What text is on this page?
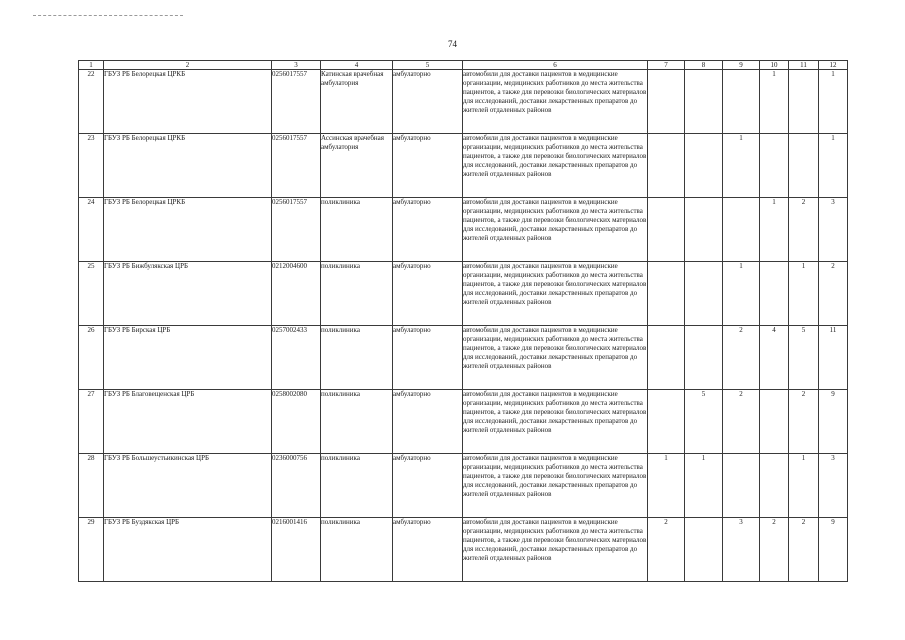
74
1	2	3	4	5	6	7	8	9	10	11	12
22	ГБУЗ РБ Белорецкая ЦРКБ	0256017557	Катинская врачебная амбулатория	амбулаторно	автомобили для доставки пациентов в медицинские организации, медицинских работников до места жительства пациентов, а также для перевозки биологических материалов для исследований, доставки лекарственных препаратов до жителей отдаленных районов				1		1
23	ГБУЗ РБ Белорецкая ЦРКБ	0256017557	Ассинская врачебная амбулатория	амбулаторно	автомобили для доставки пациентов в медицинские организации, медицинских работников до места жительства пациентов, а также для перевозки биологических материалов для исследований, доставки лекарственных препаратов до жителей отдаленных районов			1			1
24	ГБУЗ РБ Белорецкая ЦРКБ	0256017557	поликлиника	амбулаторно	автомобили для доставки пациентов в медицинские организации, медицинских работников до места жительства пациентов, а также для перевозки биологических материалов для исследований, доставки лекарственных препаратов до жителей отдаленных районов				1	2	3
25	ГБУЗ РБ Бижбулякская ЦРБ	0212004600	поликлиника	амбулаторно	автомобили для доставки пациентов в медицинские организации, медицинских работников до места жительства пациентов, а также для перевозки биологических материалов для исследований, доставки лекарственных препаратов до жителей отдаленных районов			1		1	2
26	ГБУЗ РБ Бирская ЦРБ	0257002433	поликлиника	амбулаторно	автомобили для доставки пациентов в медицинские организации, медицинских работников до места жительства пациентов, а также для перевозки биологических материалов для исследований, доставки лекарственных препаратов до жителей отдаленных районов			2	4	5	11
27	ГБУЗ РБ Благовещенская ЦРБ	0258002080	поликлиника	амбулаторно	автомобили для доставки пациентов в медицинские организации, медицинских работников до места жительства пациентов, а также для перевозки биологических материалов для исследований, доставки лекарственных препаратов до жителей отдаленных районов		5	2		2	9
28	ГБУЗ РБ Большеустьикинская ЦРБ	0236000756	поликлиника	амбулаторно	автомобили для доставки пациентов в медицинские организации, медицинских работников до места жительства пациентов, а также для перевозки биологических материалов для исследований, доставки лекарственных препаратов до жителей отдаленных районов	1	1			1	3
29	ГБУЗ РБ Буздякская ЦРБ	0216001416	поликлиника	амбулаторно	автомобили для доставки пациентов в медицинские организации, медицинских работников до места жительства пациентов, а также для перевозки биологических материалов для исследований, доставки лекарственных препаратов до жителей отдаленных районов	2		3	2	2	9
